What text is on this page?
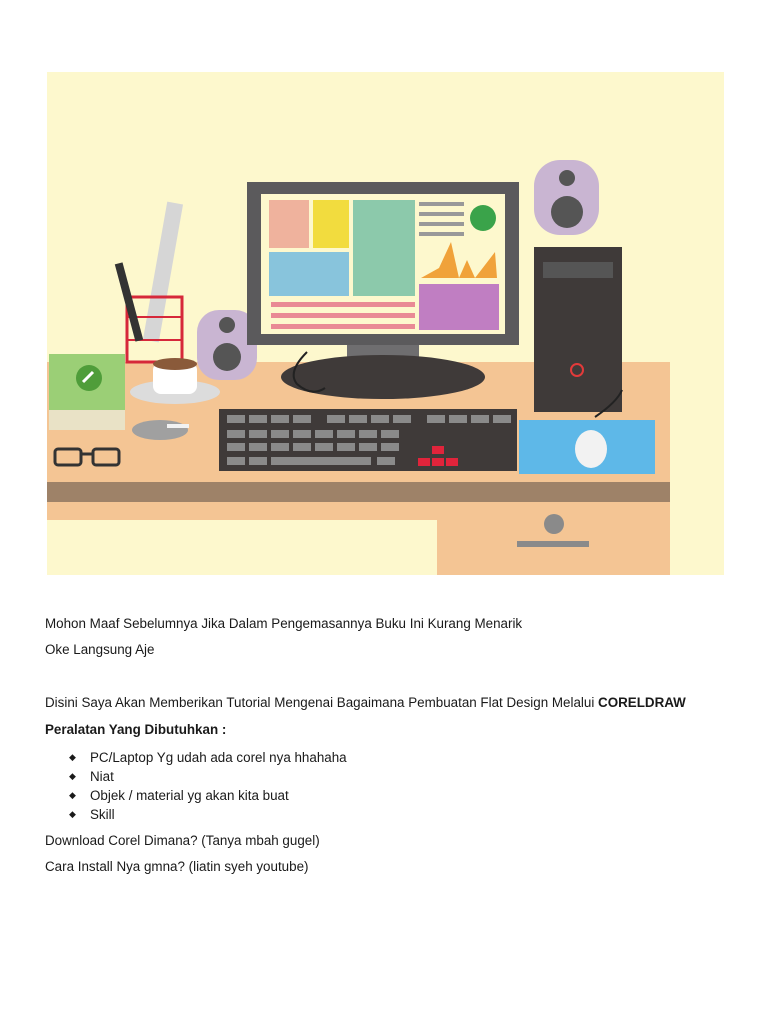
Mohon Maaf Sebelumnya Jika Dalam Pengemasannya Buku Ini Kurang Menarik
Oke Langsung Aje
Disini Saya Akan Memberikan Tutorial Mengenai Bagaimana Pembuatan Flat Design Melalui CORELDRAW
Peralatan Yang Dibutuhkan :
◆ PC/Laptop Yg udah ada corel nya hhahaha
◆ Niat
◆ Objek / material yg akan kita buat
◆ Skill
Download Corel Dimana? (Tanya mbah gugel)
Cara Install Nya gmna? (liatin syeh youtube)
